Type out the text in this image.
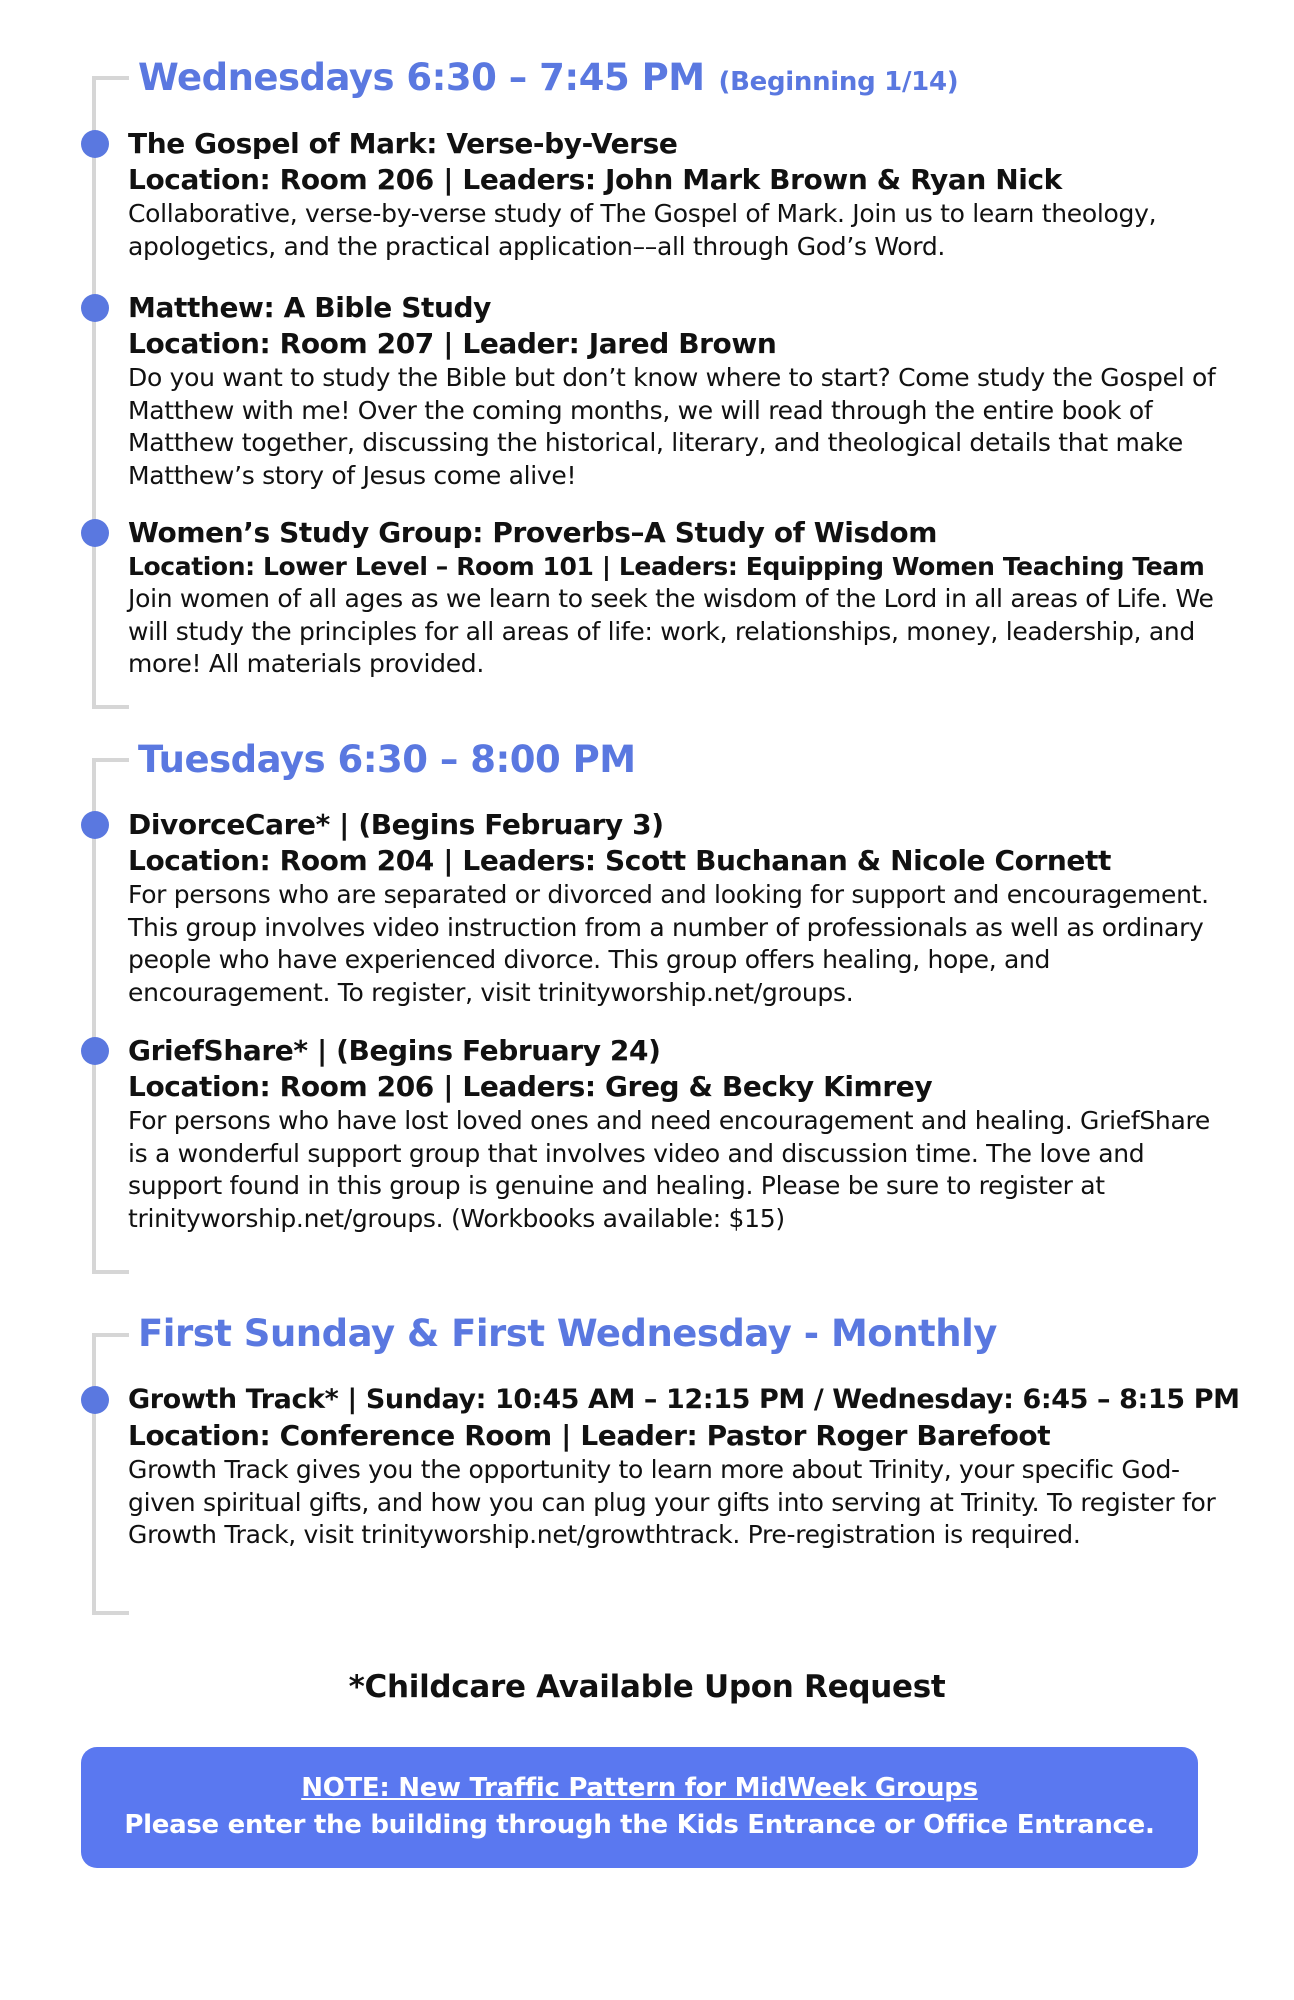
Wednesdays 6:30 – 7:45 PM (Beginning 1/14)
The Gospel of Mark: Verse-by-Verse
Location: Room 206 | Leaders: John Mark Brown & Ryan Nick
Collaborative, verse-by-verse study of The Gospel of Mark. Join us to learn theology, apologetics, and the practical application––all through God’s Word.
Matthew: A Bible Study
Location: Room 207 | Leader: Jared Brown
Do you want to study the Bible but don’t know where to start? Come study the Gospel of Matthew with me! Over the coming months, we will read through the entire book of Matthew together, discussing the historical, literary, and theological details that make Matthew’s story of Jesus come alive!
Women’s Study Group: Proverbs–A Study of Wisdom
Location: Lower Level – Room 101 | Leaders: Equipping Women Teaching Team
Join women of all ages as we learn to seek the wisdom of the Lord in all areas of Life. We will study the principles for all areas of life: work, relationships, money, leadership, and more! All materials provided.
Tuesdays 6:30 – 8:00 PM
DivorceCare* | (Begins February 3)
Location: Room 204 | Leaders: Scott Buchanan & Nicole Cornett
For persons who are separated or divorced and looking for support and encouragement. This group involves video instruction from a number of professionals as well as ordinary people who have experienced divorce. This group offers healing, hope, and encouragement. To register, visit trinityworship.net/groups.
GriefShare* | (Begins February 24)
Location: Room 206 | Leaders: Greg & Becky Kimrey
For persons who have lost loved ones and need encouragement and healing. GriefShare is a wonderful support group that involves video and discussion time. The love and support found in this group is genuine and healing. Please be sure to register at trinityworship.net/groups. (Workbooks available: $15)
First Sunday & First Wednesday - Monthly
Growth Track* | Sunday: 10:45 AM – 12:15 PM / Wednesday: 6:45 – 8:15 PM
Location: Conference Room | Leader: Pastor Roger Barefoot
Growth Track gives you the opportunity to learn more about Trinity, your specific God-given spiritual gifts, and how you can plug your gifts into serving at Trinity. To register for Growth Track, visit trinityworship.net/growthtrack. Pre-registration is required.
*Childcare Available Upon Request
NOTE: New Traffic Pattern for MidWeek Groups
Please enter the building through the Kids Entrance or Office Entrance.
